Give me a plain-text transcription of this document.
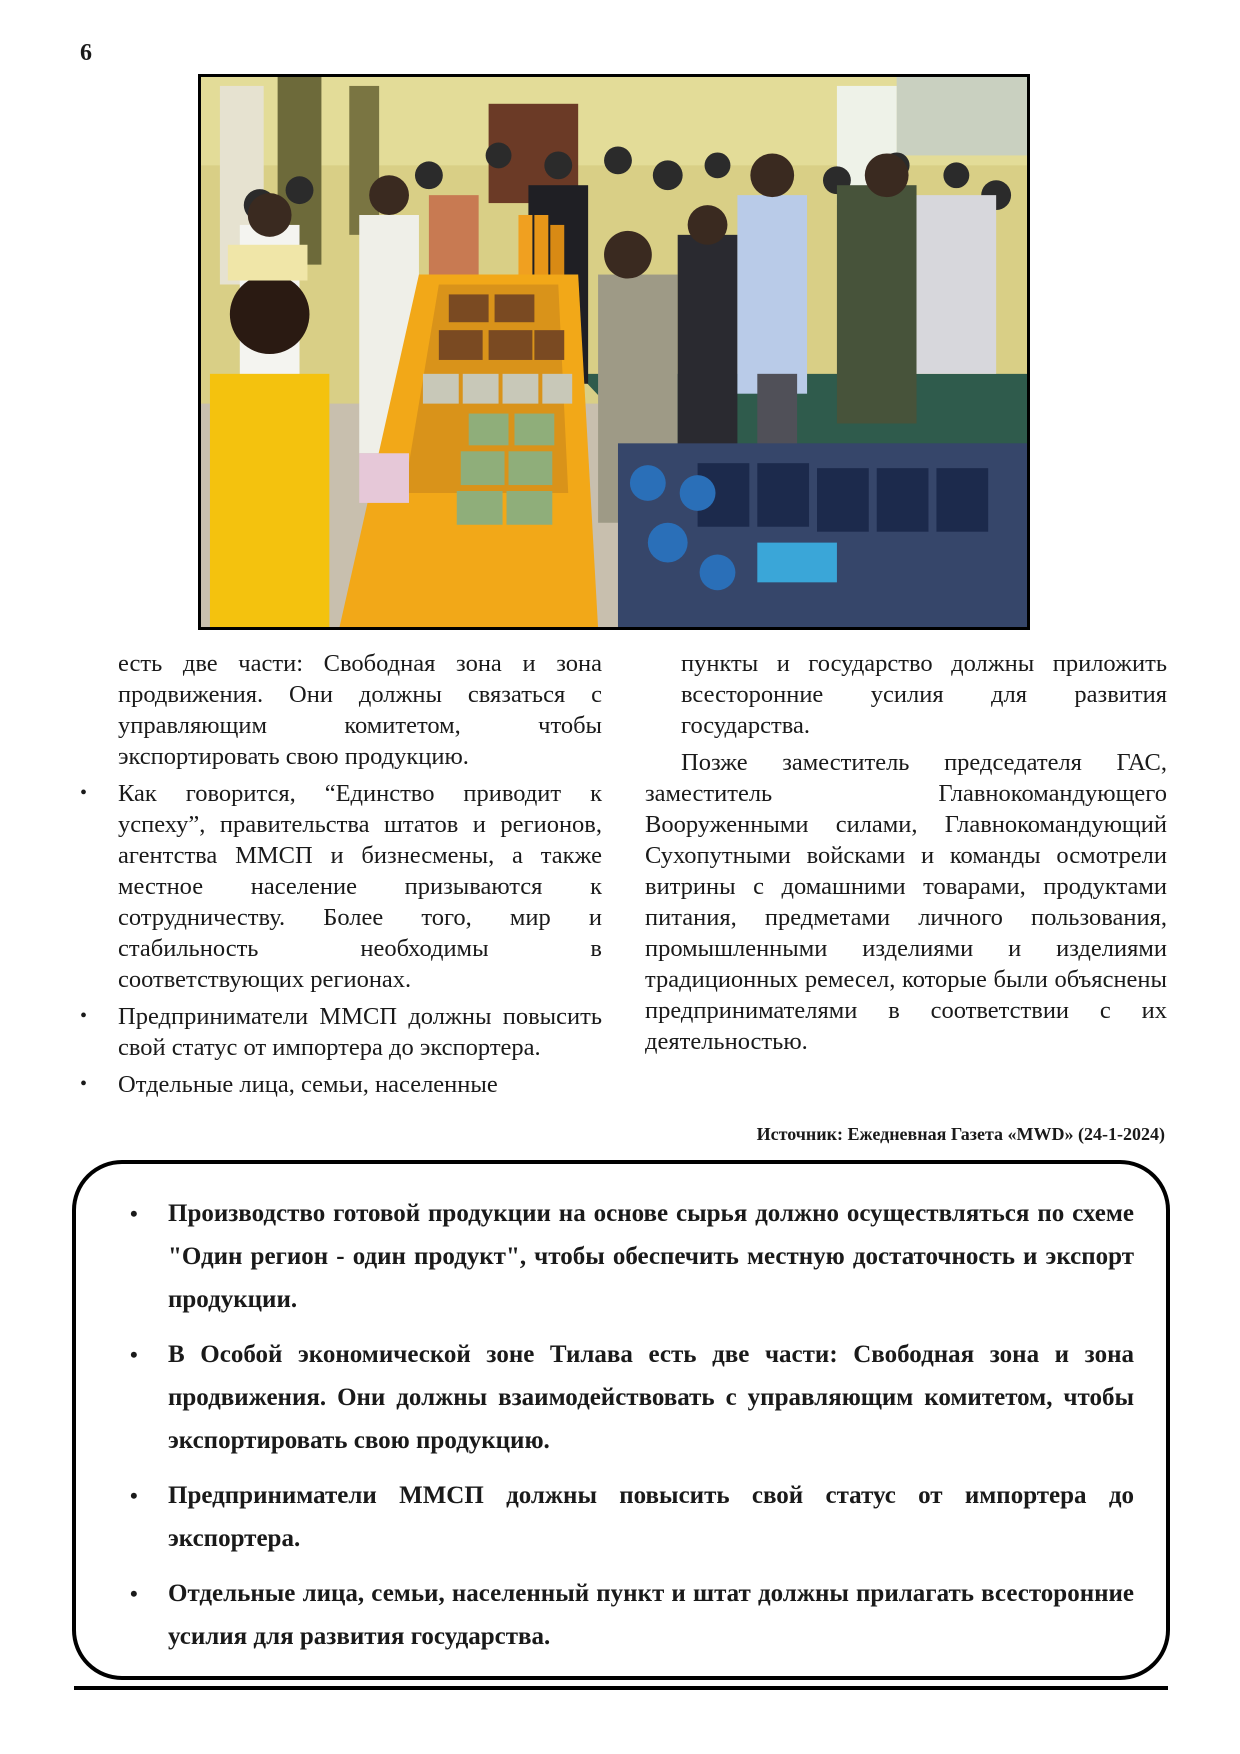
6

есть две части: Свободная зона и зона продвижения. Они должны связаться с управляющим комитетом, чтобы экспортировать свою продукцию.

• Как говорится, “Единство приводит к успеху”, правительства штатов и регионов, агентства ММСП и бизнесмены, а также местное население призываются к сотрудничеству. Более того, мир и стабильность необходимы в соответствующих регионах.
• Предприниматели ММСП должны повысить свой статус от импортера до экспортера.
• Отдельные лица, семьи, населенные

пункты и государство должны приложить всесторонние усилия для развития государства.

Позже заместитель председателя ГАС, заместитель Главнокомандующего Вооруженными силами, Главнокомандующий Сухопутными войсками и команды осмотрели витрины с домашними товарами, продуктами питания, предметами личного пользования, промышленными изделиями и изделиями традиционных ремесел, которые были объяснены предпринимателями в соответствии с их деятельностью.

Источник: Ежедневная Газета «MWD» (24-1-2024)
• Производство готовой продукции на основе сырья должно осуществляться по схеме "Один регион - один продукт", чтобы обеспечить местную достаточность и экспорт продукции.
• В Особой экономической зоне Тилава есть две части: Свободная зона и зона продвижения. Они должны взаимодействовать с управляющим комитетом, чтобы экспортировать свою продукцию.
• Предприниматели ММСП должны повысить свой статус от импортера до экспортера.
• Отдельные лица, семьи, населенный пункт и штат должны прилагать всесторонние усилия для развития государства.
